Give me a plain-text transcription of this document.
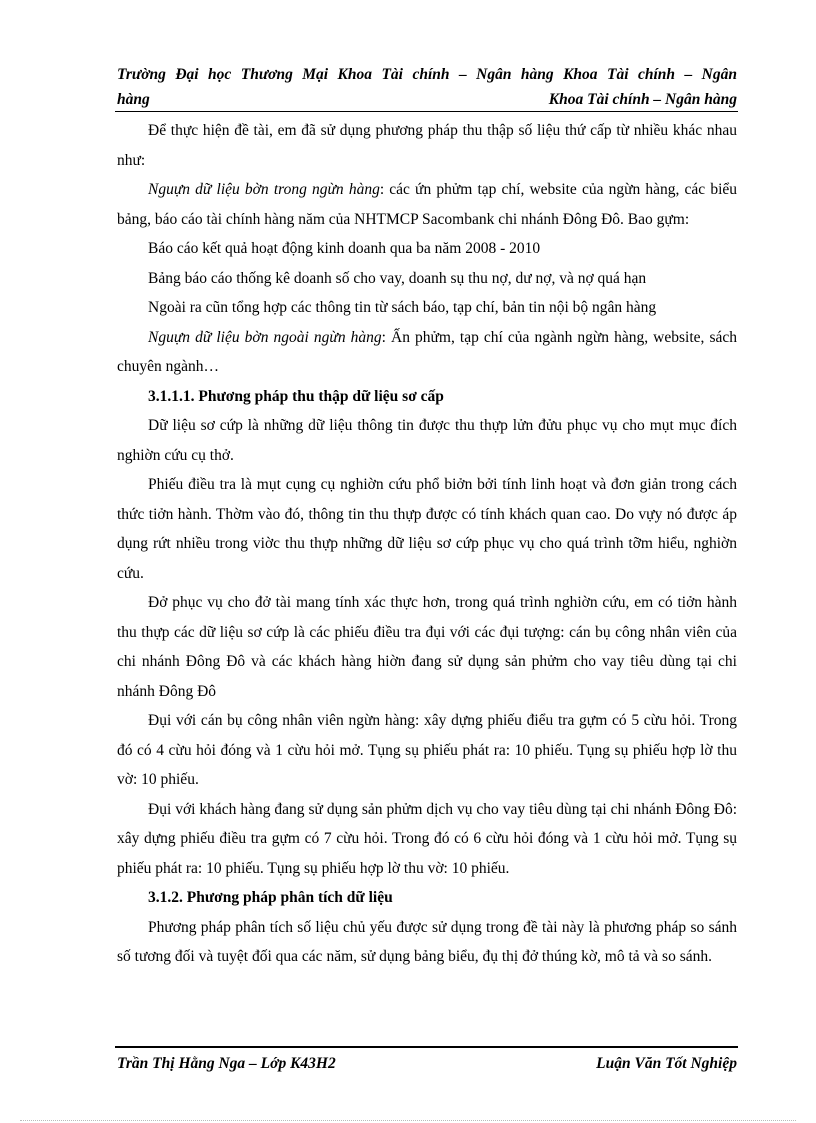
Trường Đại học Thương Mại Khoa Tài chính – Ngân hàng Khoa Tài chính – Ngân
hàng	Khoa Tài chính – Ngân hàng

Để thực hiện đề tài, em đã sử dụng phương pháp thu thập số liệu thứ cấp từ nhiều khác nhau như:

Nguựn dữ liệu bờn trong ngừn hàng: các ứn phửm tạp chí, website của ngừn hàng, các biểu bảng, báo cáo tài chính hàng năm của NHTMCP Sacombank chi nhánh Đông Đô. Bao gựm:

Báo cáo kết quả hoạt động kinh doanh qua ba năm 2008 - 2010

Bảng báo cáo thống kê doanh số cho vay, doanh sụ thu nợ, dư nợ, và nợ quá hạn

Ngoài ra cũn tổng hợp các thông tin từ sách báo, tạp chí, bản tin nội bộ ngân hàng

Nguựn dữ liệu bờn ngoài ngừn hàng: Ấn phửm, tạp chí của ngành ngừn hàng, website, sách chuyên ngành…

3.1.1.1. Phương pháp thu thập dữ liệu sơ cấp

Dữ liệu sơ cứp là những dữ liệu thông tin được thu thựp lửn đửu phục vụ cho mụt mục đích nghiờn cứu cụ thở.

Phiếu điều tra là mụt cụng cụ nghiờn cứu phổ biởn bởi tính linh hoạt và đơn giản trong cách thức tiởn hành. Thờm vào đó, thông tin thu thựp được có tính khách quan cao. Do vựy nó được áp dụng rứt nhiều trong viờc thu thựp những dữ liệu sơ cứp phục vụ cho quá trình tỡm hiểu, nghiờn cứu.

Đở phục vụ cho đở tài mang tính xác thực hơn, trong quá trình nghiờn cứu, em có tiởn hành thu thựp các dữ liệu sơ cứp là các phiếu điều tra đụi với các đụi tượng: cán bụ công nhân viên của chi nhánh Đông Đô và các khách hàng hiờn đang sử dụng sản phửm cho vay tiêu dùng tại chi nhánh Đông Đô

Đụi với cán bụ công nhân viên ngừn hàng: xây dựng phiếu điểu tra gựm có 5 cừu hỏi. Trong đó có 4 cừu hỏi đóng và 1 cừu hỏi mở. Tụng sụ phiếu phát ra: 10 phiếu. Tụng sụ phiếu hợp lờ thu vờ: 10 phiếu.

Đụi với khách hàng đang sử dụng sản phửm dịch vụ cho vay tiêu dùng tại chi nhánh Đông Đô: xây dựng phiếu điều tra gựm có 7 cừu hỏi. Trong đó có 6 cừu hỏi đóng và 1 cừu hỏi mở. Tụng sụ phiếu phát ra: 10 phiếu. Tụng sụ phiếu hợp lờ thu vờ: 10 phiếu.

3.1.2. Phương pháp phân tích dữ liệu

Phương pháp phân tích số liệu chủ yếu được sử dụng trong đề tài này là phương pháp so sánh số tương đối và tuyệt đối qua các năm, sử dụng bảng biểu, đụ thị đở thúng kờ, mô tả và so sánh.

Trần Thị Hằng Nga – Lớp K43H2	Luận Văn Tốt Nghiệp
